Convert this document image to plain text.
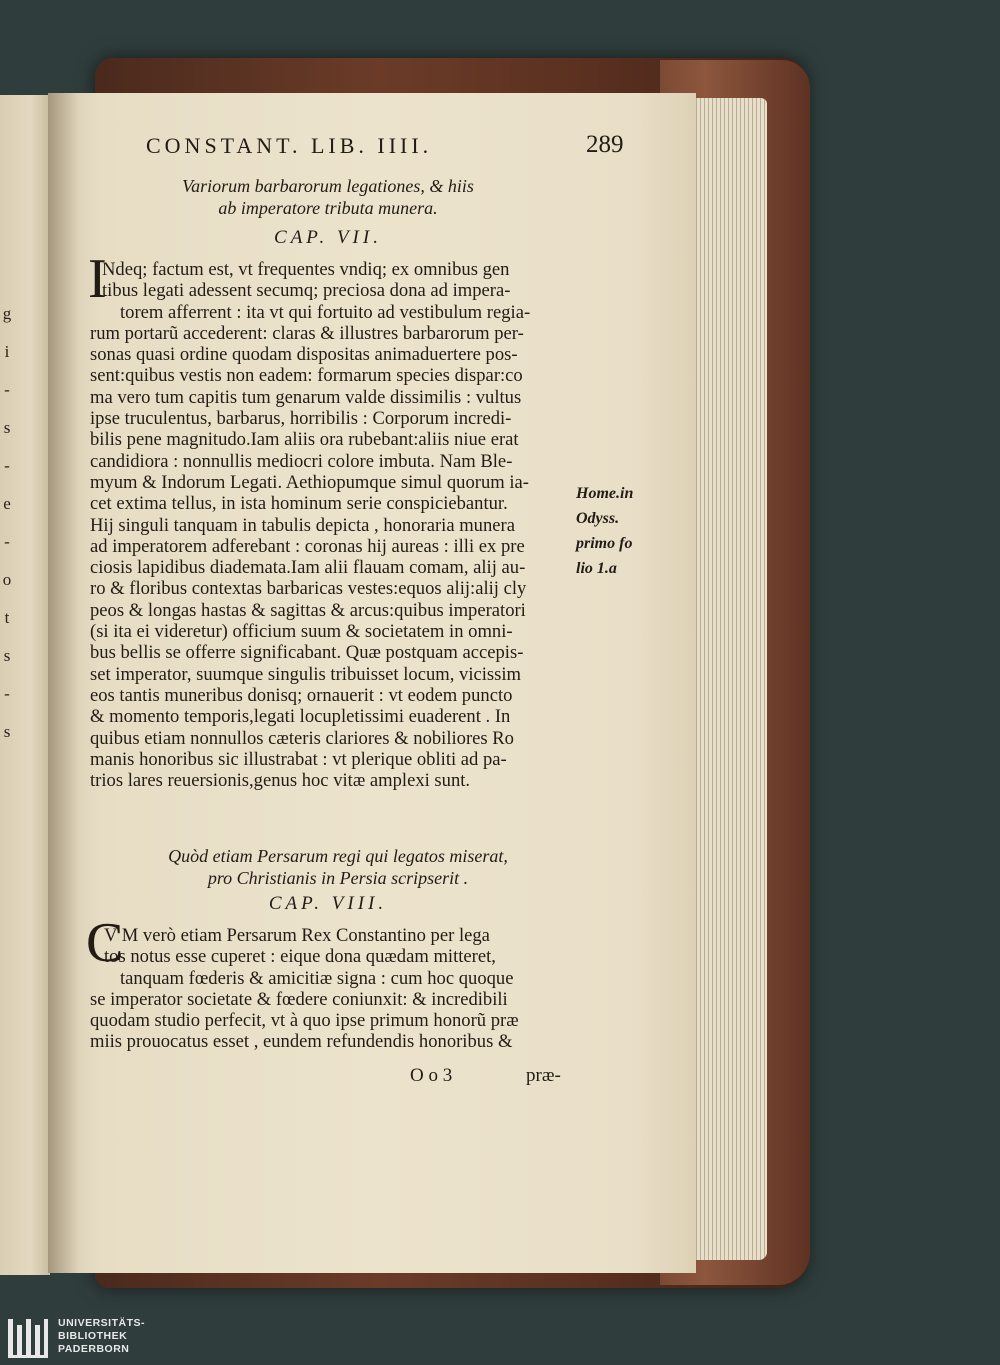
g
i
-
s
-
e
-
o
t
s
-
s
CONSTANT. LIB. IIII.	289
Variorum barbarorum legationes, & hiis
ab imperatore tributa munera.
CAP. VII.
I
Ndeq; factum est, vt frequentes vndiq; ex omnibus gen
tibus legati adessent secumq; preciosa dona ad impera-
torem afferrent : ita vt qui fortuito ad vestibulum regia-
rum portarũ accederent: claras & illustres barbarorum per-
sonas quasi ordine quodam dispositas animaduertere pos-
sent:quibus vestis non eadem: formarum species dispar:co
ma vero tum capitis tum genarum valde dissimilis : vultus
ipse truculentus, barbarus, horribilis : Corporum incredi-
bilis pene magnitudo.Iam aliis ora rubebant:aliis niue erat
candidiora : nonnullis mediocri colore imbuta. Nam Ble-
myum & Indorum Legati. Aethiopumque simul quorum ia-
cet extima tellus, in ista hominum serie conspiciebantur.
Hij singuli tanquam in tabulis depicta , honoraria munera
ad imperatorem adferebant : coronas hij aureas : illi ex pre
ciosis lapidibus diademata.Iam alii flauam comam, alij au-
ro & floribus contextas barbaricas vestes:equos alij:alij cly
peos & longas hastas & sagittas & arcus:quibus imperatori
(si ita ei videretur) officium suum & societatem in omni-
bus bellis se offerre significabant. Quæ postquam accepis-
set imperator, suumque singulis tribuisset locum, vicissim
eos tantis muneribus donisq; ornauerit : vt eodem puncto
& momento temporis,legati locupletissimi euaderent . In
quibus etiam nonnullos cæteris clariores & nobiliores Ro
manis honoribus sic illustrabat : vt plerique obliti ad pa-
trios lares reuersionis,genus hoc vitæ amplexi sunt.
Home.in
Odyss.
primo fo
lio 1.a
Quòd etiam Persarum regi qui legatos miserat,
pro Christianis in Persia scripserit .
CAP. VIII.
C
V M verò etiam Persarum Rex Constantino per lega
tos notus esse cuperet : eique dona quædam mitteret,
tanquam fœderis & amicitiæ signa : cum hoc quoque
se imperator societate & fœdere coniunxit: & incredibili
quodam studio perfecit, vt à quo ipse primum honorũ præ
miis prouocatus esset , eundem refundendis honoribus &
O o 3	præ-
UNIVERSITÄTS-
BIBLIOTHEK
PADERBORN
